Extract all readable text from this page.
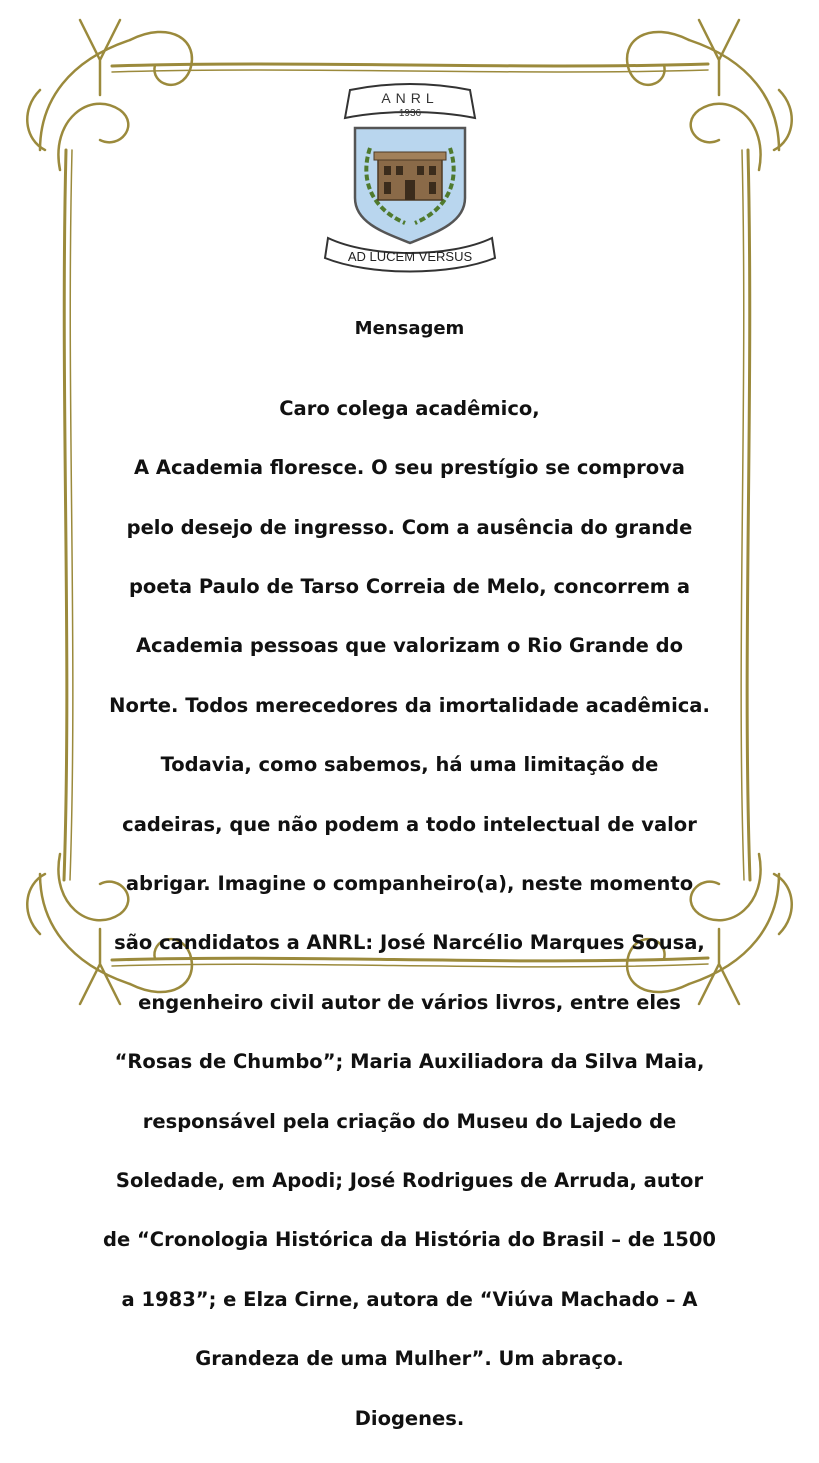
ANRL
1936
AD LUCEM VERSUS
Mensagem

Caro colega acadêmico,

A Academia floresce. O seu prestígio se comprova

pelo desejo de ingresso. Com a ausência do grande

poeta Paulo de Tarso Correia de Melo, concorrem a

Academia pessoas que valorizam o Rio Grande do

Norte. Todos merecedores da imortalidade acadêmica.

Todavia, como sabemos, há uma limitação de

cadeiras, que não podem a todo intelectual de valor

abrigar. Imagine o companheiro(a), neste momento

são candidatos a ANRL: José Narcélio Marques Sousa,

engenheiro civil autor de vários livros, entre eles

“Rosas de Chumbo”; Maria Auxiliadora da Silva Maia,

responsável pela criação do Museu do Lajedo de

Soledade, em Apodi; José Rodrigues de Arruda, autor

de “Cronologia Histórica da História do Brasil – de 1500

a 1983”; e Elza Cirne, autora de “Viúva Machado – A

Grandeza de uma Mulher”. Um abraço.

Diogenes.
